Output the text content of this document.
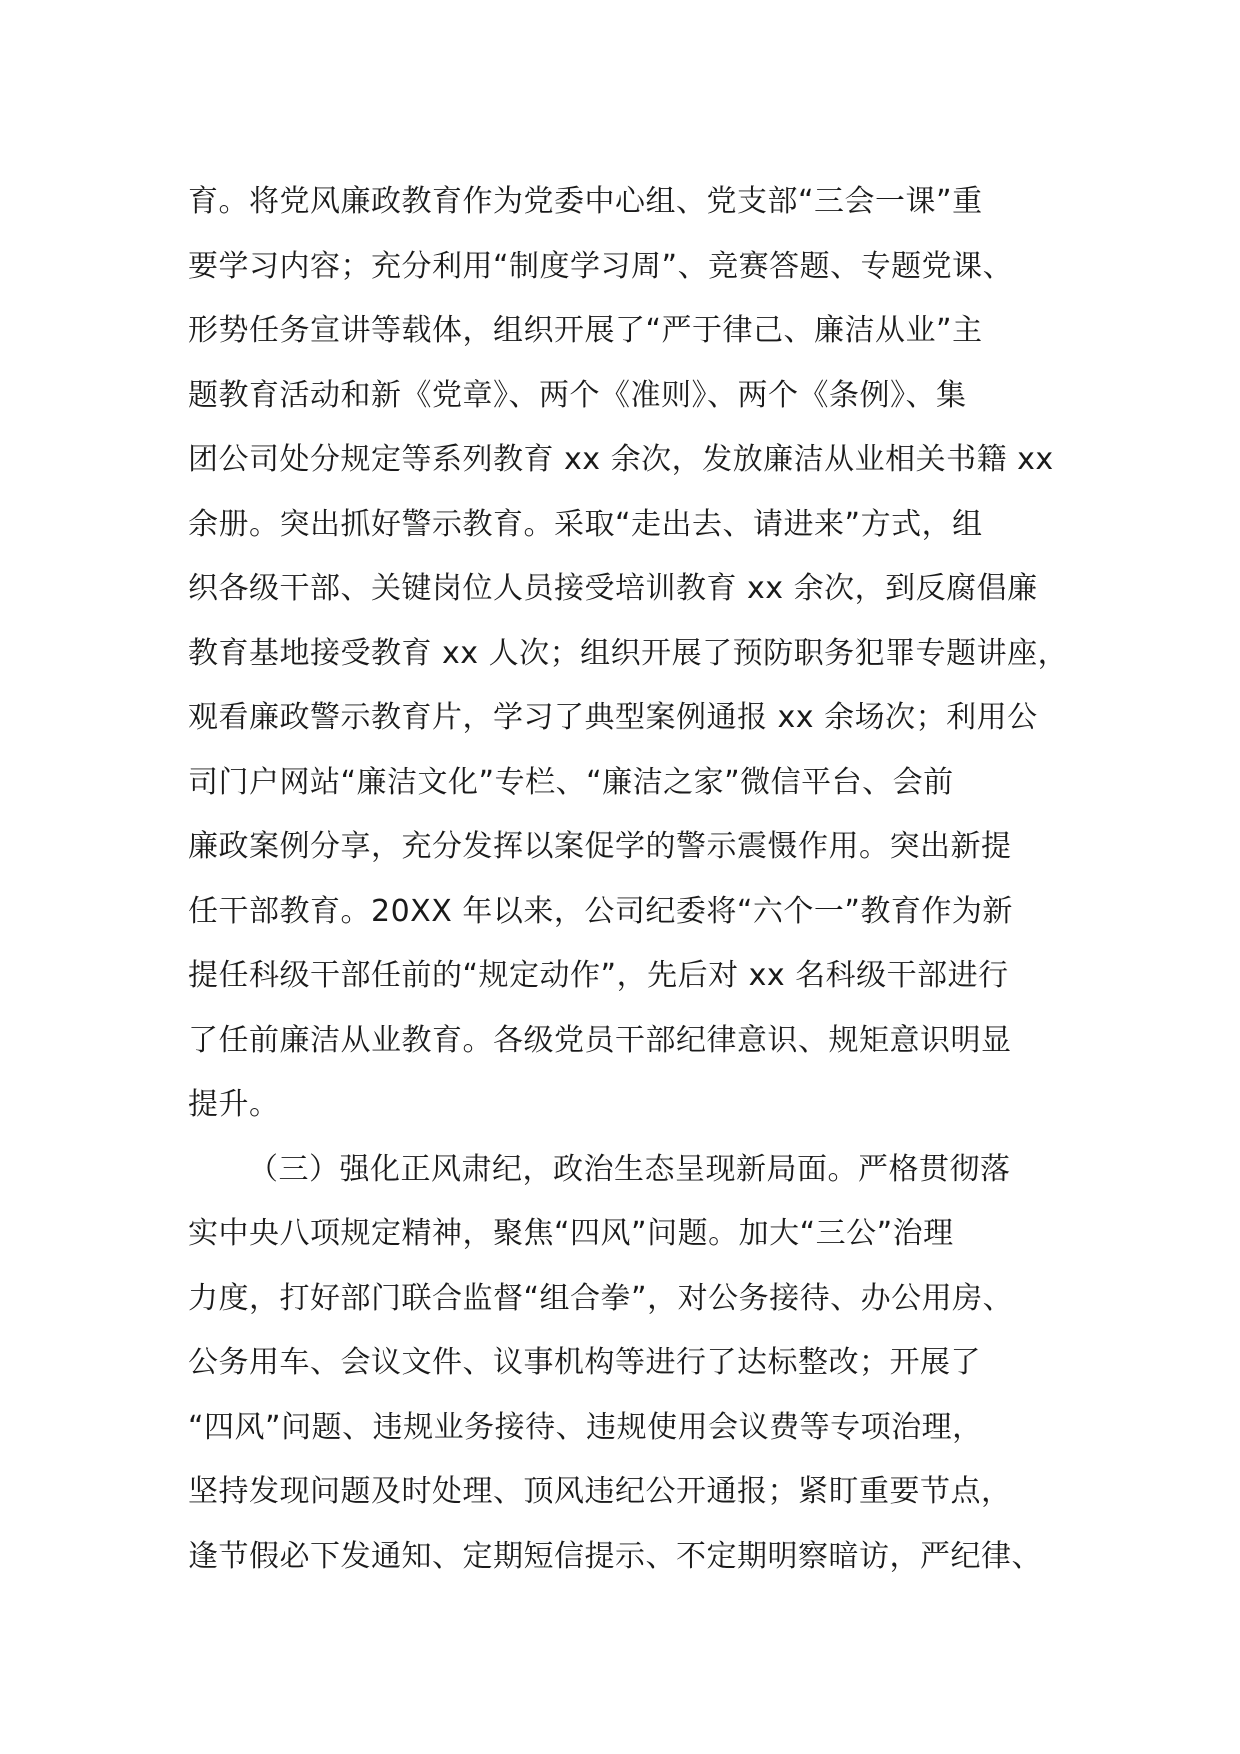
育。将党风廉政教育作为党委中心组、党支部“三会一课”重
要学习内容；充分利用“制度学习周”、竞赛答题、专题党课、
形势任务宣讲等载体，组织开展了“严于律己、廉洁从业”主
题教育活动和新《党章》、两个《准则》、两个《条例》、集
团公司处分规定等系列教育 xx 余次，发放廉洁从业相关书籍 xx
余册。突出抓好警示教育。采取“走出去、请进来”方式，组
织各级干部、关键岗位人员接受培训教育 xx 余次，到反腐倡廉
教育基地接受教育 xx 人次；组织开展了预防职务犯罪专题讲座，
观看廉政警示教育片，学习了典型案例通报 xx 余场次；利用公
司门户网站“廉洁文化”专栏、“廉洁之家”微信平台、会前
廉政案例分享，充分发挥以案促学的警示震慑作用。突出新提
任干部教育。20XX 年以来，公司纪委将“六个一”教育作为新
提任科级干部任前的“规定动作”，先后对 xx 名科级干部进行
了任前廉洁从业教育。各级党员干部纪律意识、规矩意识明显
提升。
（三）强化正风肃纪，政治生态呈现新局面。严格贯彻落
实中央八项规定精神，聚焦“四风”问题。加大“三公”治理
力度，打好部门联合监督“组合拳”，对公务接待、办公用房、
公务用车、会议文件、议事机构等进行了达标整改；开展了
“四风”问题、违规业务接待、违规使用会议费等专项治理，
坚持发现问题及时处理、顶风违纪公开通报；紧盯重要节点，
逢节假必下发通知、定期短信提示、不定期明察暗访，严纪律、
